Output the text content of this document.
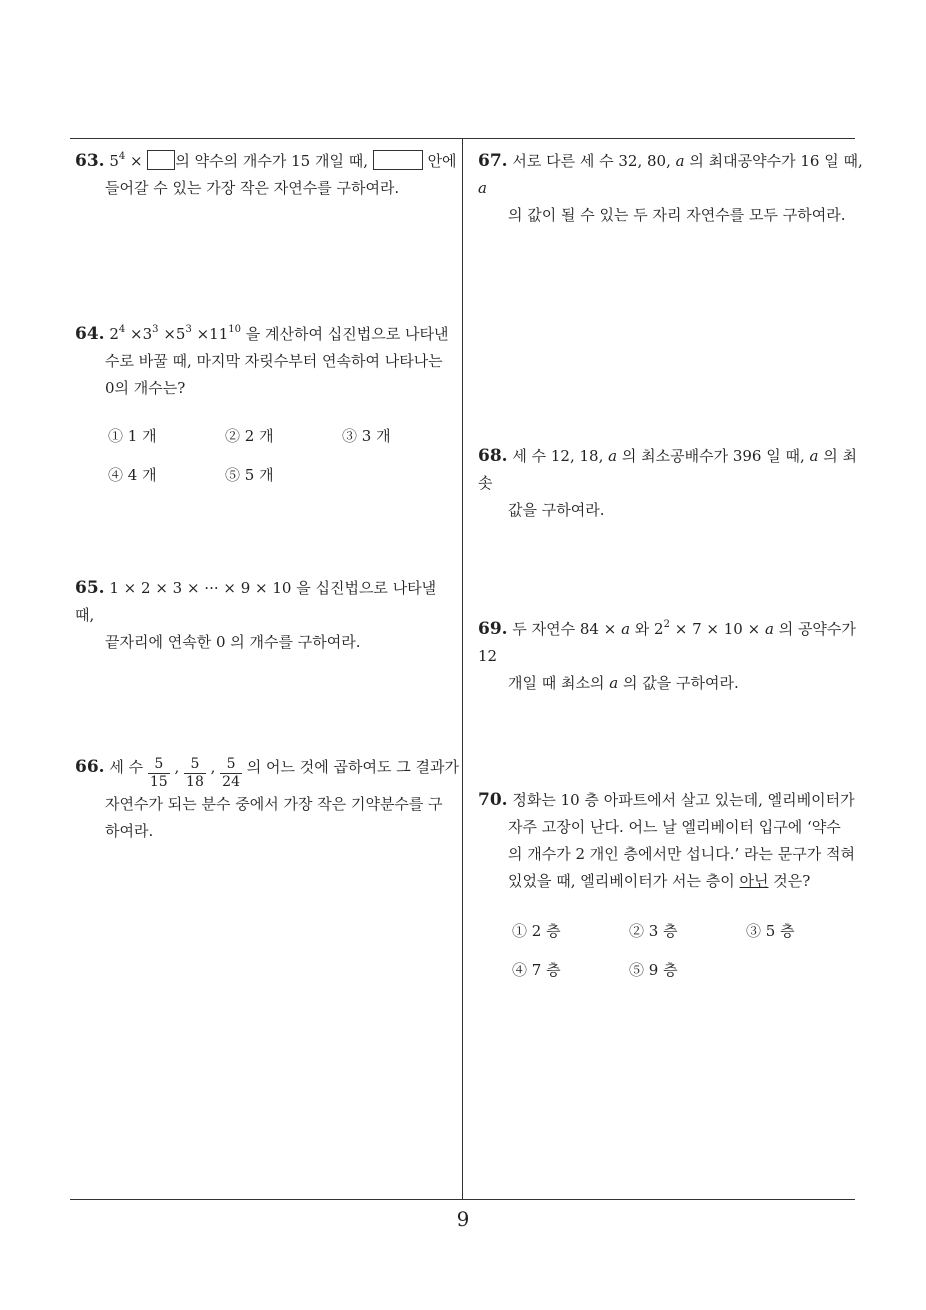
63. $5^4$ × 의 약수의 개수가 15 개일 때,	안에
들어갈 수 있는 가장 작은 자연수를 구하여라.
64. $2^4 \times 3^3 \times 5^3 \times 11^{10}$ 을 계산하여 십진법으로 나타낸
수로 바꿀 때, 마지막 자릿수부터 연속하여 나타나는
0의 개수는?
① 1 개	② 2 개	③ 3 개
④ 4 개	⑤ 5 개
65. 1 × 2 × 3 × ··· × 9 × 10 을 십진법으로 나타낼 때,
끝자리에 연속한 0 의 개수를 구하여라.
66. 세 수 $\frac{5}{15}$ , $\frac{5}{18}$ , $\frac{5}{24}$ 의 어느 것에 곱하여도 그 결과가
자연수가 되는 분수 중에서 가장 작은 기약분수를 구
하여라.
67. 서로 다른 세 수 32, 80, a 의 최대공약수가 16 일 때, a
의 값이 될 수 있는 두 자리 자연수를 모두 구하여라.
68. 세 수 12, 18, a 의 최소공배수가 396 일 때, a 의 최솟
값을 구하여라.
69. 두 자연수 84 × a 와 $2^2 \times 7 \times 10 \times a$ 의 공약수가 12
개일 때 최소의 a 의 값을 구하여라.
70. 정화는 10 층 아파트에서 살고 있는데, 엘리베이터가
자주 고장이 난다. 어느 날 엘리베이터 입구에 ‘약수
의 개수가 2 개인 층에서만 섭니다.’ 라는 문구가 적혀
있었을 때, 엘리베이터가 서는 층이 아닌 것은?
① 2 층	② 3 층	③ 5 층
④ 7 층	⑤ 9 층
9
